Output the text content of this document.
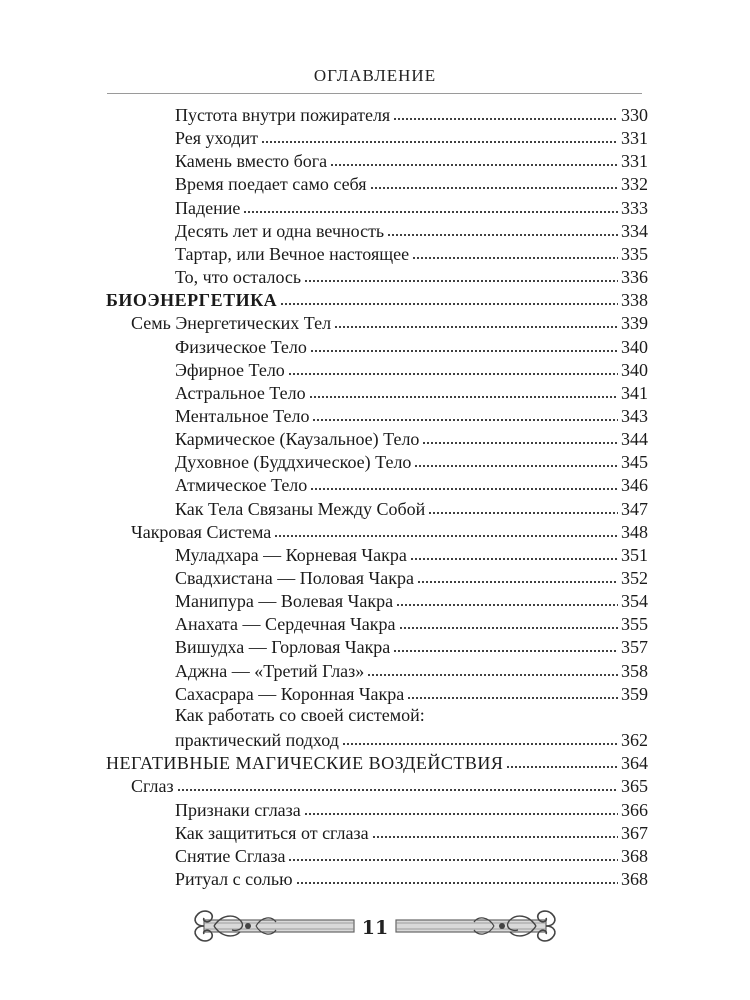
ОГЛАВЛЕНИЕ
Пустота внутри пожирателя	330
Рея уходит	331
Камень вместо бога	331
Время поедает само себя	332
Падение	333
Десять лет и одна вечность	334
Тартар, или Вечное настоящее	335
То, что осталось	336
БИОЭНЕРГЕТИКА	338
Семь Энергетических Тел	339
Физическое Тело	340
Эфирное Тело	340
Астральное Тело	341
Ментальное Тело	343
Кармическое (Каузальное) Тело	344
Духовное (Буддхическое) Тело	345
Атмическое Тело	346
Как Тела Связаны Между Собой	347
Чакровая Система	348
Муладхара — Корневая Чакра	351
Свадхистана — Половая Чакра	352
Манипура — Волевая Чакра	354
Анахата — Сердечная Чакра	355
Вишудха — Горловая Чакра	357
Аджна — «Третий Глаз»	358
Сахасрара — Коронная Чакра	359
Как работать со своей системой:
практический подход	362
НЕГАТИВНЫЕ МАГИЧЕСКИЕ ВОЗДЕЙСТВИЯ	364
Сглаз	365
Признаки сглаза	366
Как защититься от сглаза	367
Снятие Сглаза	368
Ритуал с солью	368
11
